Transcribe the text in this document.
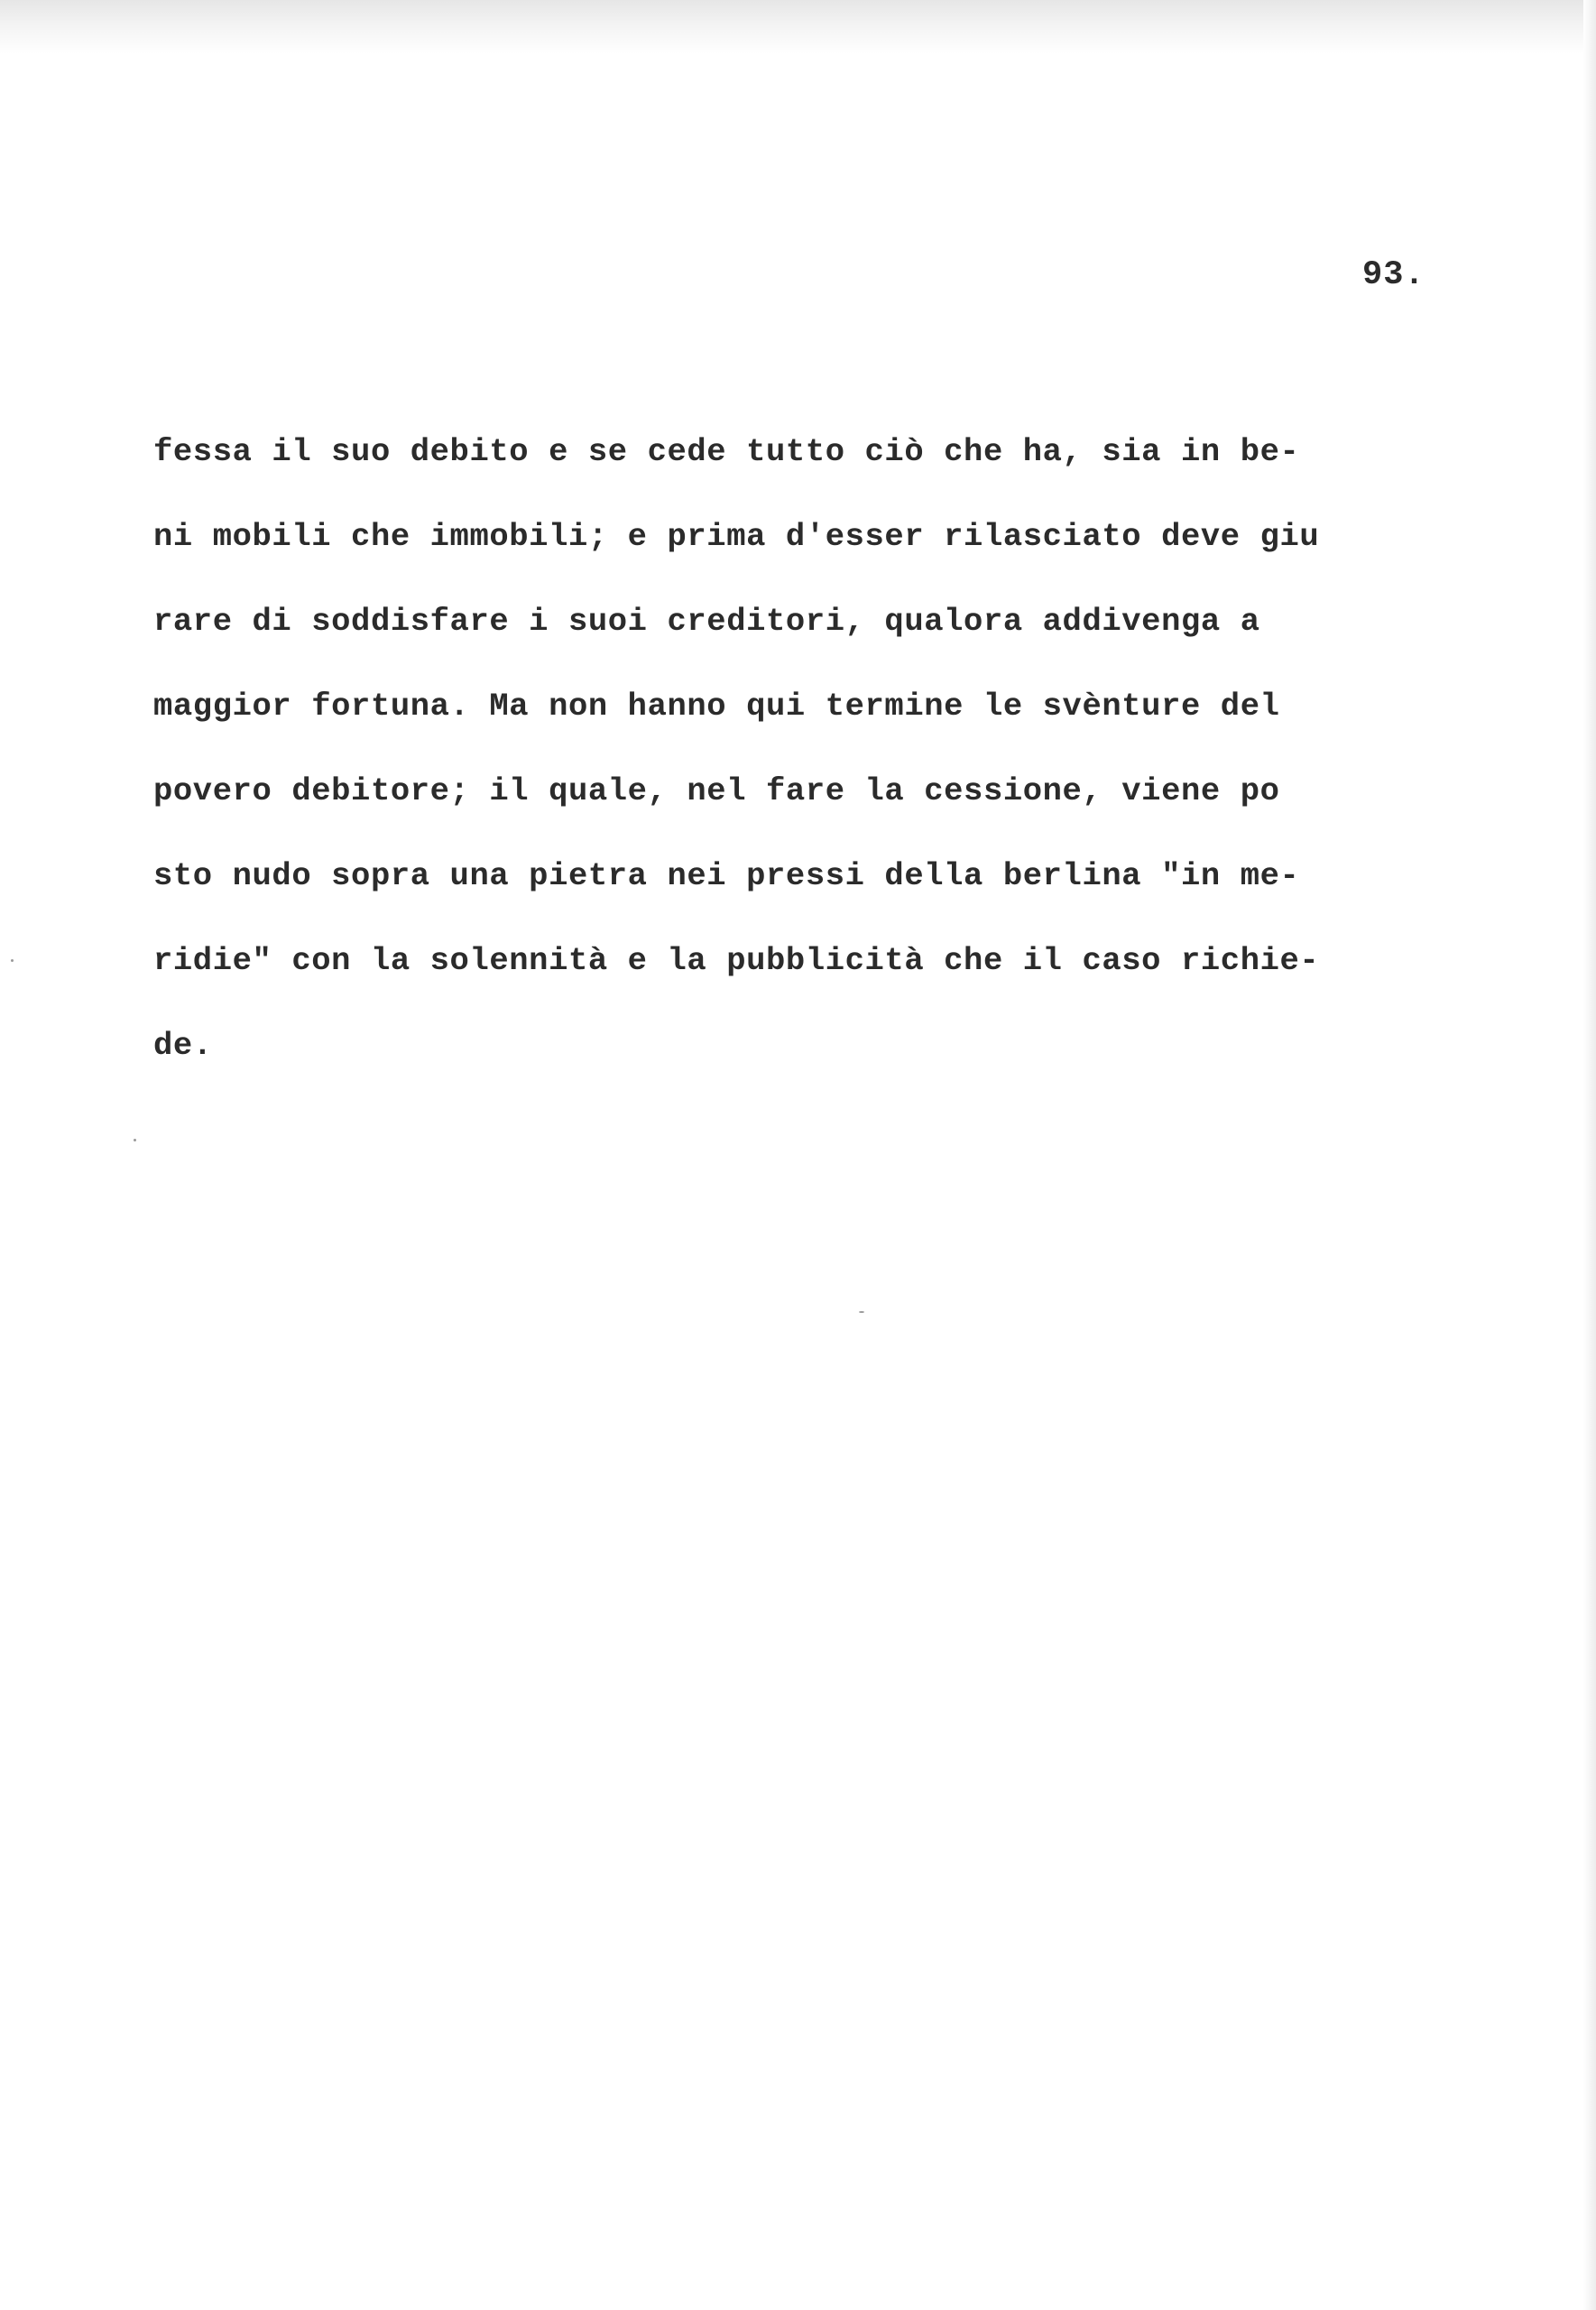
93.
fessa il suo debito e se cede tutto ciò che ha, sia in be-
ni mobili che immobili; e prima d'esser rilasciato deve giu
rare di soddisfare i suoi creditori, qualora addivenga a
maggior fortuna. Ma non hanno qui termine le svènture del
povero debitore; il quale, nel fare la cessione, viene po
sto nudo sopra una pietra nei pressi della berlina "in me-
ridie" con la solennità e la pubblicità che il caso richie-
de.
